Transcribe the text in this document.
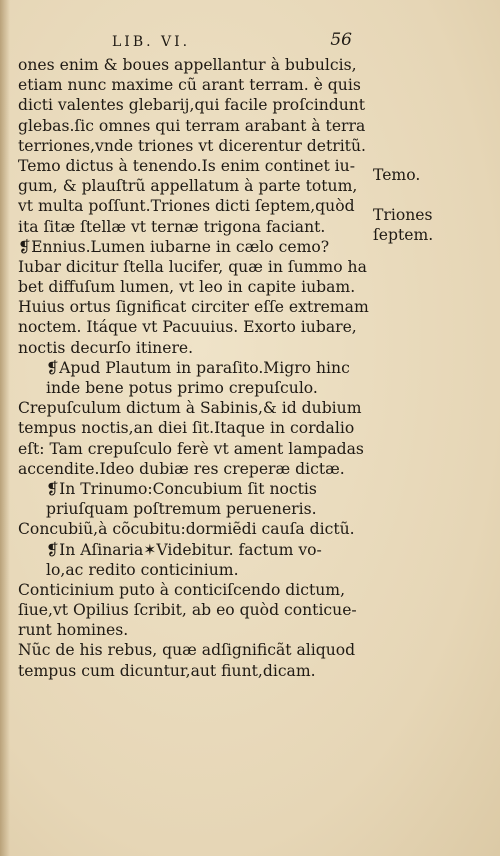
LIB. VI.	56
ones enim & boues appellantur à bubulcis,
etiam nunc maxime cũ arant terram. è quis
dicti valentes glebarij,qui facile proſcindunt
glebas.ſic omnes qui terram arabant à terra
terriones,vnde triones vt dicerentur detritũ.
Temo dictus à tenendo.Is enim continet iu‑
gum, & plauſtrũ appellatum à parte totum,
vt multa poſſunt.Triones dicti ſeptem,quòd
ita ſitæ ſtellæ vt ternæ trigona faciant.
❡Ennius.Lumen iubarne in cælo cemo?
Iubar dicitur ſtella lucifer, quæ in ſummo ha
bet diffuſum lumen, vt leo in capite iubam.
Huius ortus ſignificat circiter eſſe extremam
noctem. Itáque vt Pacuuius. Exorto iubare,
noctis decurſo itinere.
❡Apud Plautum in paraſito.Migro hinc
inde bene potus primo crepuſculo.
Crepuſculum dictum à Sabinis,& id dubium
tempus noctis,an diei ſit.Itaque in cordalio
eſt: Tam crepuſculo ferè vt ament lampadas
accendite.Ideo dubiæ res creperæ dictæ.
❡In Trinumo:Concubium ſit noctis
priuſquam poſtremum perueneris.
Concubiũ,à cõcubitu:dormiẽdi cauſa dictũ.
❡In Aſinaria✶Videbitur. factum vo‑
lo,ac redito conticinium.
Conticinium puto à conticiſcendo dictum,
ſiue,vt Opilius ſcribit, ab eo quòd conticue‑
runt homines.
Nũc de his rebus, quæ adſignificãt aliquod
tempus cum dicuntur,aut fiunt,dicam.
Temo.
Triones
ſeptem.
